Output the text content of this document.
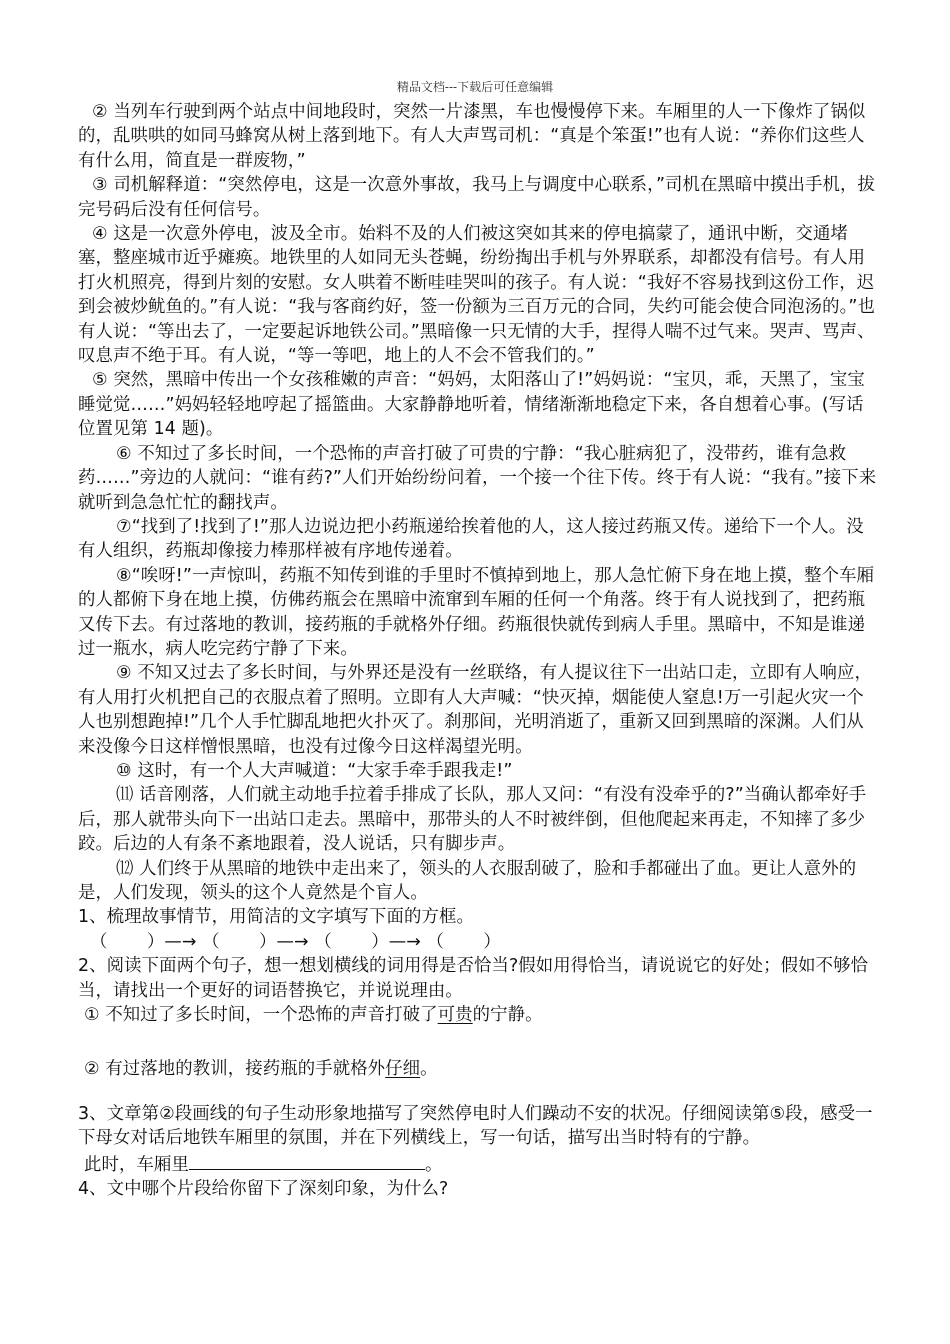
精品文档---下载后可任意编辑

② 当列车行驶到两个站点中间地段时，突然一片漆黑，车也慢慢停下来。车厢里的人一下像炸了锅似的，乱哄哄的如同马蜂窝从树上落到地下。有人大声骂司机：“真是个笨蛋!”也有人说：“养你们这些人有什么用，简直是一群废物，”

③ 司机解释道：“突然停电，这是一次意外事故，我马上与调度中心联系，”司机在黑暗中摸出手机，拔完号码后没有任何信号。

④ 这是一次意外停电，波及全市。始料不及的人们被这突如其来的停电搞蒙了，通讯中断，交通堵塞，整座城市近乎瘫痪。地铁里的人如同无头苍蝇，纷纷掏出手机与外界联系，却都没有信号。有人用打火机照亮，得到片刻的安慰。女人哄着不断哇哇哭叫的孩子。有人说：“我好不容易找到这份工作，迟到会被炒鱿鱼的。”有人说：“我与客商约好，签一份额为三百万元的合同，失约可能会使合同泡汤的。”也有人说：“等出去了，一定要起诉地铁公司。”黑暗像一只无情的大手，捏得人喘不过气来。哭声、骂声、叹息声不绝于耳。有人说，“等一等吧，地上的人不会不管我们的。”

⑤ 突然，黑暗中传出一个女孩稚嫩的声音：“妈妈，太阳落山了!”妈妈说：“宝贝，乖，天黑了，宝宝睡觉觉……”妈妈轻轻地哼起了摇篮曲。大家静静地听着，情绪渐渐地稳定下来，各自想着心事。(写话位置见第 14 题)。

⑥ 不知过了多长时间，一个恐怖的声音打破了可贵的宁静：“我心脏病犯了，没带药，谁有急救药……”旁边的人就问：“谁有药?”人们开始纷纷问着，一个接一个往下传。终于有人说：“我有。”接下来就听到急急忙忙的翻找声。

⑦“找到了!找到了!”那人边说边把小药瓶递给挨着他的人，这人接过药瓶又传。递给下一个人。没有人组织，药瓶却像接力棒那样被有序地传递着。

⑧“唉呀!”一声惊叫，药瓶不知传到谁的手里时不慎掉到地上，那人急忙俯下身在地上摸，整个车厢的人都俯下身在地上摸，仿佛药瓶会在黑暗中流窜到车厢的任何一个角落。终于有人说找到了，把药瓶又传下去。有过落地的教训，接药瓶的手就格外仔细。药瓶很快就传到病人手里。黑暗中，不知是谁递过一瓶水，病人吃完药宁静了下来。

⑨ 不知又过去了多长时间，与外界还是没有一丝联络，有人提议往下一出站口走，立即有人响应，有人用打火机把自己的衣服点着了照明。立即有人大声喊：“快灭掉，烟能使人窒息!万一引起火灾一个人也别想跑掉!”几个人手忙脚乱地把火扑灭了。刹那间，光明消逝了，重新又回到黑暗的深渊。人们从来没像今日这样憎恨黑暗，也没有过像今日这样渴望光明。

⑩ 这时，有一个人大声喊道：“大家手牵手跟我走!”

⑾ 话音刚落，人们就主动地手拉着手排成了长队，那人又问：“有没有没牵乎的?”当确认都牵好手后，那人就带头向下一出站口走去。黑暗中，那带头的人不时被绊倒，但他爬起来再走，不知摔了多少跤。后边的人有条不紊地跟着，没人说话，只有脚步声。

⑿ 人们终于从黑暗的地铁中走出来了，领头的人衣服刮破了，脸和手都碰出了血。更让人意外的是，人们发现，领头的这个人竟然是个盲人。

1、梳理故事情节，用简洁的文字填写下面的方框。

（       ）—→ （       ）—→ （       ）—→ （       ）

2、阅读下面两个句子，想一想划横线的词用得是否恰当?假如用得恰当，请说说它的好处；假如不够恰当，请找出一个更好的词语替换它，并说说理由。

① 不知过了多长时间，一个恐怖的声音打破了可贵的宁静。

② 有过落地的教训，接药瓶的手就格外仔细。

3、文章第②段画线的句子生动形象地描写了突然停电时人们躁动不安的状况。仔细阅读第⑤段，感受一下母女对话后地铁车厢里的氛围，并在下列横线上，写一句话，描写出当时特有的宁静。

此时，车厢里	。

4、文中哪个片段给你留下了深刻印象，为什么?
